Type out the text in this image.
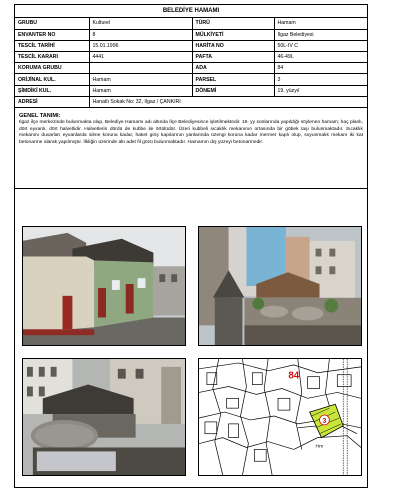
BELEDİYE HAMAMI
GRUBU	Kulturel	TÜRÜ	Hamam
ENVANTER NO	8	MÜLKİYETİ	Ilgaz Belediyesi
TESCİL TARİHİ	15.01.1996	HARİTA NO	50L-IV C
TESCİL KARARI	4441	PAFTA	46-49L
KORUMA GRUBU		ADA	84
ORİJİNAL KUL.	Hamam	PARSEL	3
ŞİMDİKİ KUL.	Hamam	DÖNEMİ	19. yüzyıl
ADRESİ	Hanatlı Sokak No: 32, Ilgaz / ÇANKIRI		
GENEL TANIMI:
Ilgaz ilçe merkezinde bulunmakta olup, Belediye Hamamı adı altında İlçe Belediyesince işletilmektedir. 19. yy sonlarında yapıldığı söylenen hamam; haç planlı, dört eyvanlı, dört halvetlidir. Halvetlerin dördü de kubbe ile örtülüdür. Üzeri kubbeli sıcaklık mekanının ortasında bir göbek taşı bulunmaktadır. Sıcaklık mekanını duvarları eyvanlarda silme koruna kadar, haket giriş kapılarının yanlarında üzengi koruna kadar mermer kaplı olup, soyunmalık mekanı iki kat betonarme olarak yapılmıştır. İlkliğin üzerinde altı adet fil gözü bulunmaktadır. Hamamın dış yüzeyi betonarmedir.
3
84
Hm
